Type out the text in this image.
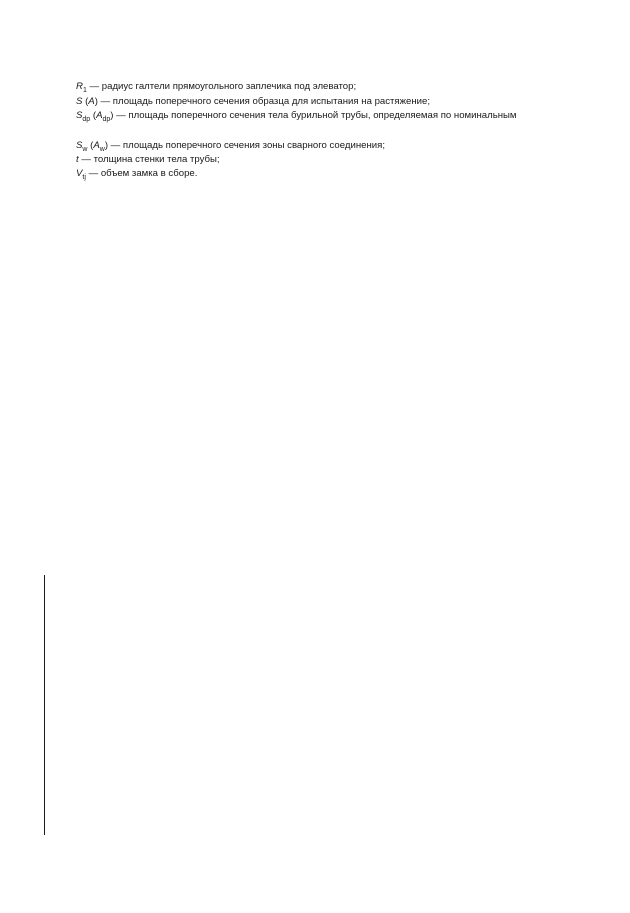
$R_1$ — радиус галтели прямоугольного заплечика под элеватор;
S (A) — площадь поперечного сечения образца для испытания на растяжение;
$S_{dp}$ $(A_{dp})$ — площадь поперечного сечения тела бурильной трубы, определяемая по номинальным
$S_w$ $(A_w)$ — площадь поперечного сечения зоны сварного соединения;
t — толщина стенки тела трубы;
$V_{tj}$ — объем замка в сборе.
